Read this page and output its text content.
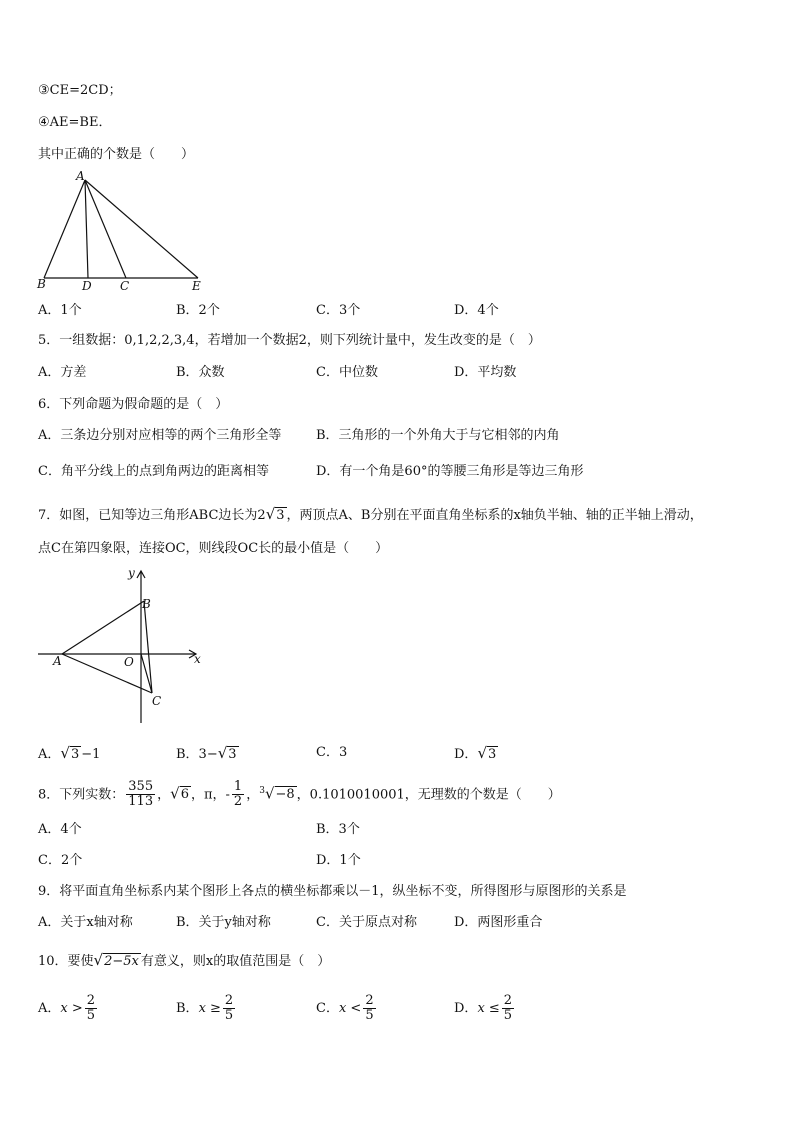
③CE=2CD；
④AE=BE．
其中正确的个数是（　　）
A
B	D C	E
A．1个	B．2个	C．3个	D．4个
5．一组数据：0,1,2,2,3,4，若增加一个数据2，则下列统计量中，发生改变的是（　）
A．方差	B．众数	C．中位数	D．平均数
6．下列命题为假命题的是（　）
A．三条边分别对应相等的两个三角形全等	B．三角形的一个外角大于与它相邻的内角
C．角平分线上的点到角两边的距离相等	D．有一个角是60°的等腰三角形是等边三角形
7．如图，已知等边三角形ABC边长为2√3 ，两顶点A、B分别在平面直角坐标系的x轴负半轴、轴的正半轴上滑动，
点C在第四象限，连接OC，则线段OC长的最小值是（　　）
y
x
B
A	O
C
A．√3 −1	B．3−√3	C．3	D．√3
8．下列实数： $\frac{355}{113}$ ，√6 ，π，- $\frac{1}{2}$ ，$^3$√−8 ，0.1010010001，无理数的个数是（　　）
A．4个	B．3个
C．2个	D．1个
9．将平面直角坐标系内某个图形上各点的横坐标都乘以－1，纵坐标不变，所得图形与原图形的关系是
A．关于x轴对称	B．关于y轴对称	C．关于原点对称	D．两图形重合
10．要使√2−5x 有意义，则x的取值范围是（　）
A．$x > \frac{2}{5}$	B．$x \ge \frac{2}{5}$	C．$x < \frac{2}{5}$	D．$x \le \frac{2}{5}$
